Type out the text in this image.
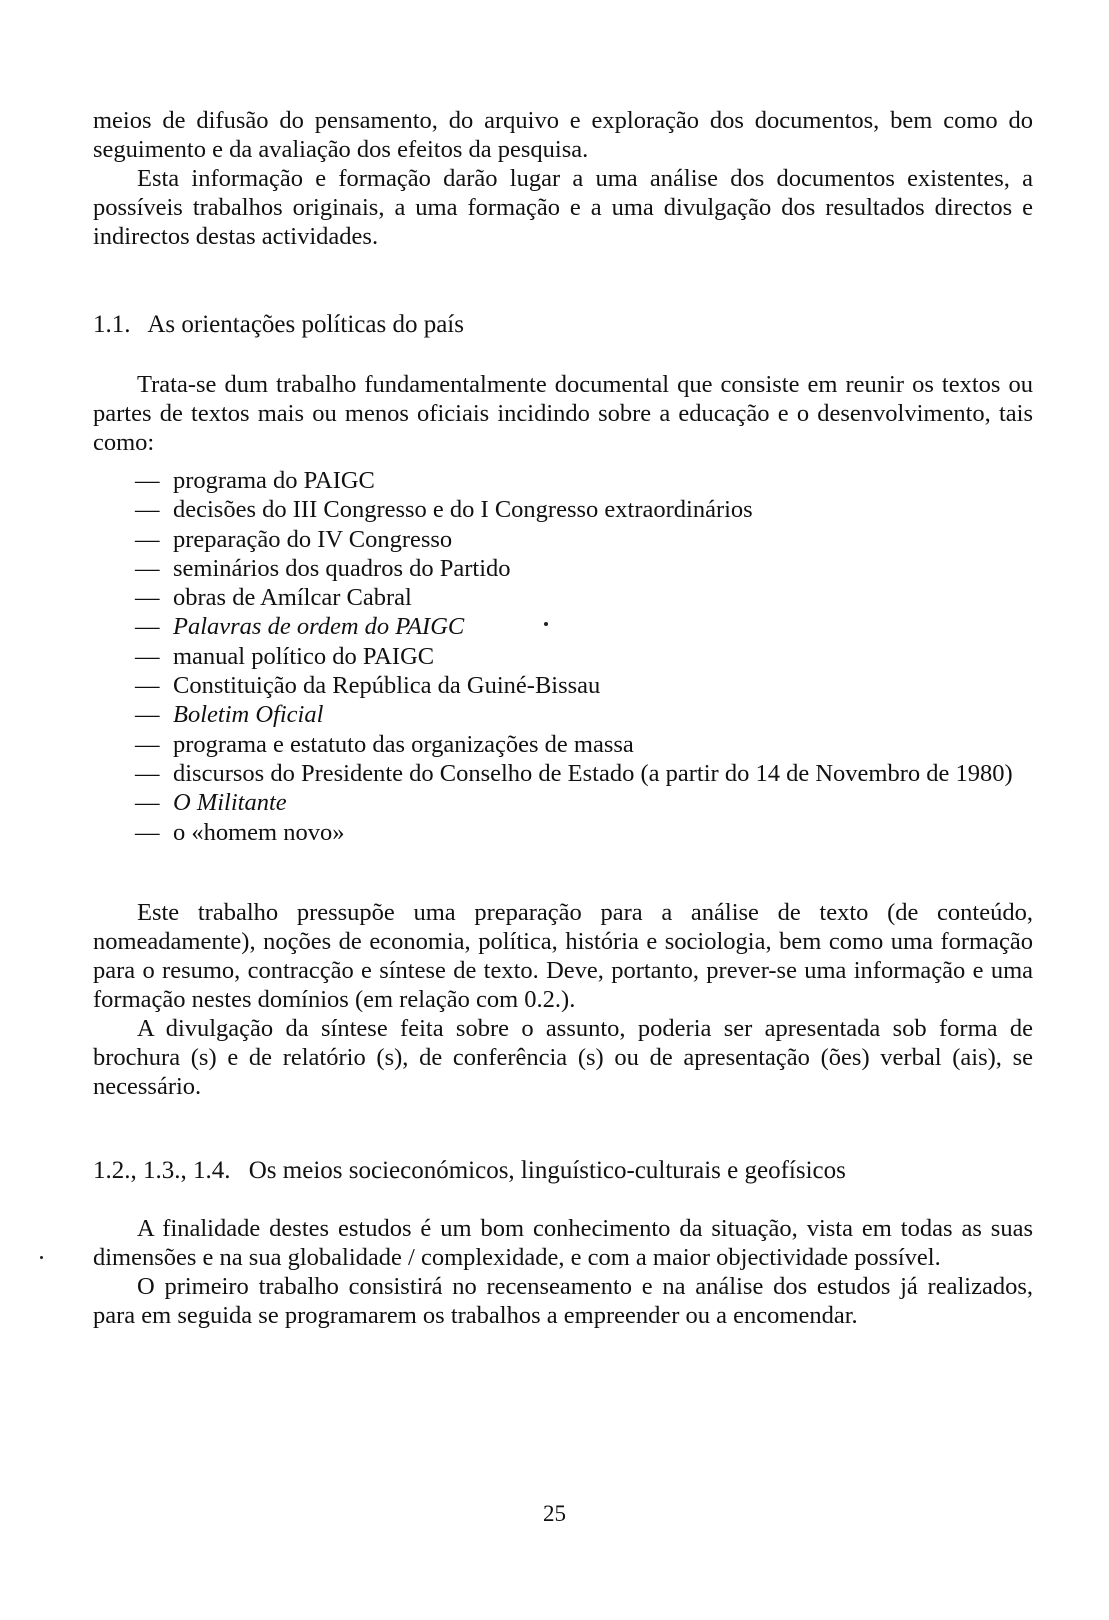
meios de difusão do pensamento, do arquivo e exploração dos documentos, bem como do seguimento e da avaliação dos efeitos da pesquisa.

Esta informação e formação darão lugar a uma análise dos documentos existentes, a possíveis trabalhos originais, a uma formação e a uma divulgação dos resultados directos e indirectos destas actividades.

1.1. As orientações políticas do país

Trata-se dum trabalho fundamentalmente documental que consiste em reunir os textos ou partes de textos mais ou menos oficiais incidindo sobre a educação e o desenvolvimento, tais como:

— programa do PAIGC
— decisões do III Congresso e do I Congresso extraordinários
— preparação do IV Congresso
— seminários dos quadros do Partido
— obras de Amílcar Cabral
— Palavras de ordem do PAIGC
— manual político do PAIGC
— Constituição da República da Guiné-Bissau
— Boletim Oficial
— programa e estatuto das organizações de massa
— discursos do Presidente do Conselho de Estado (a partir do 14 de Novembro de 1980)
— O Militante
— o «homem novo»

Este trabalho pressupõe uma preparação para a análise de texto (de conteúdo, nomeadamente), noções de economia, política, história e sociologia, bem como uma formação para o resumo, contracção e síntese de texto. Deve, portanto, prever-se uma informação e uma formação nestes domínios (em relação com 0.2.).

A divulgação da síntese feita sobre o assunto, poderia ser apresentada sob forma de brochura (s) e de relatório (s), de conferência (s) ou de apresentação (ões) verbal (ais), se necessário.

1.2., 1.3., 1.4. Os meios socieconómicos, linguístico-culturais e geofísicos

A finalidade destes estudos é um bom conhecimento da situação, vista em todas as suas dimensões e na sua globalidade / complexidade, e com a maior objectividade possível.

O primeiro trabalho consistirá no recenseamento e na análise dos estudos já realizados, para em seguida se programarem os trabalhos a empreender ou a encomendar.

25
